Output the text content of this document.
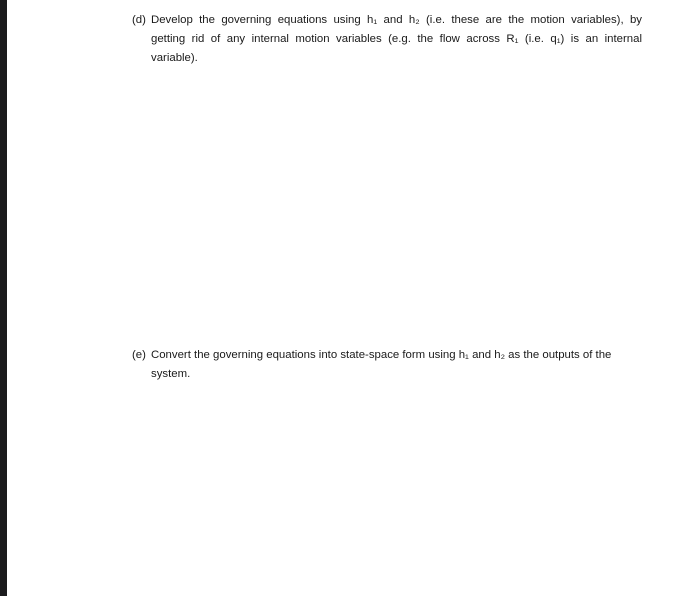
(d) Develop the governing equations using h₁ and h₂ (i.e. these are the motion variables), by
getting rid of any internal motion variables (e.g. the flow across R₁ (i.e. q₁) is an internal
variable).
(e) Convert the governing equations into state-space form using h₁ and h₂ as the outputs of the
system.
